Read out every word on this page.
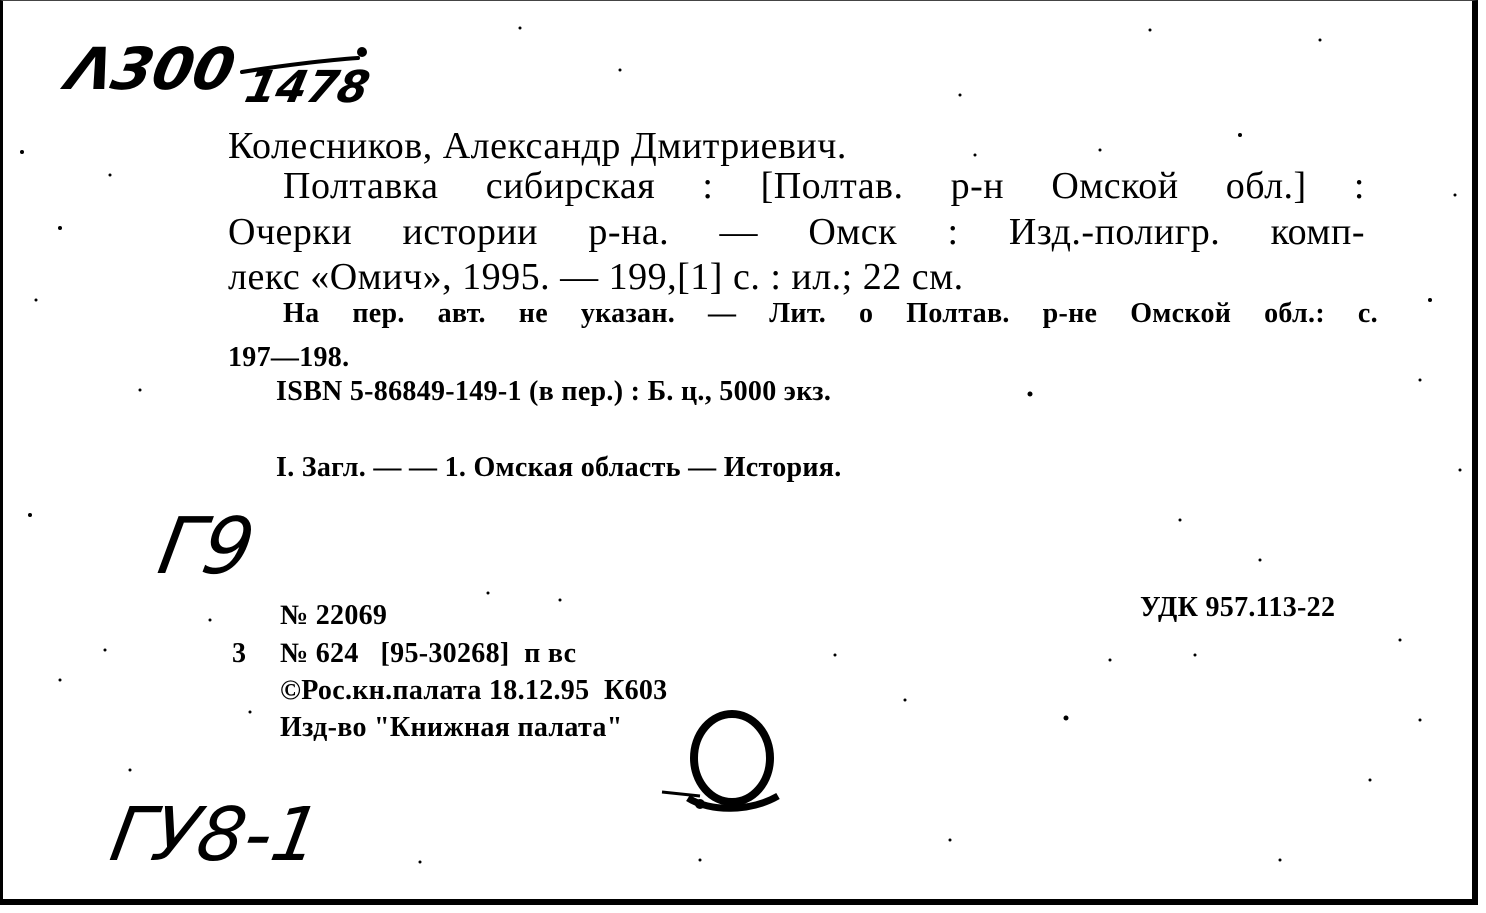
Λ300 1478
Г9
ГУ8-1
Колесников, Александр Дмитриевич.
Полтавка сибирская : [Полтав. р-н Омской обл.] :
Очерки истории р-на. — Омск : Изд.-полигр. комп-
лекс «Омич», 1995. — 199,[1] с. : ил.; 22 см.
На пер. авт. не указан. — Лит. о Полтав. р-не Омской обл.: с.
197—198.
ISBN 5-86849-149-1 (в пер.) : Б. ц., 5000 экз.
I. Загл. — — 1. Омская область — История.
№ 22069	УДК 957.113-22
3 № 624   [95-30268]  п вс
©Рос.кн.палата 18.12.95  К603
Изд-во "Книжная палата"
